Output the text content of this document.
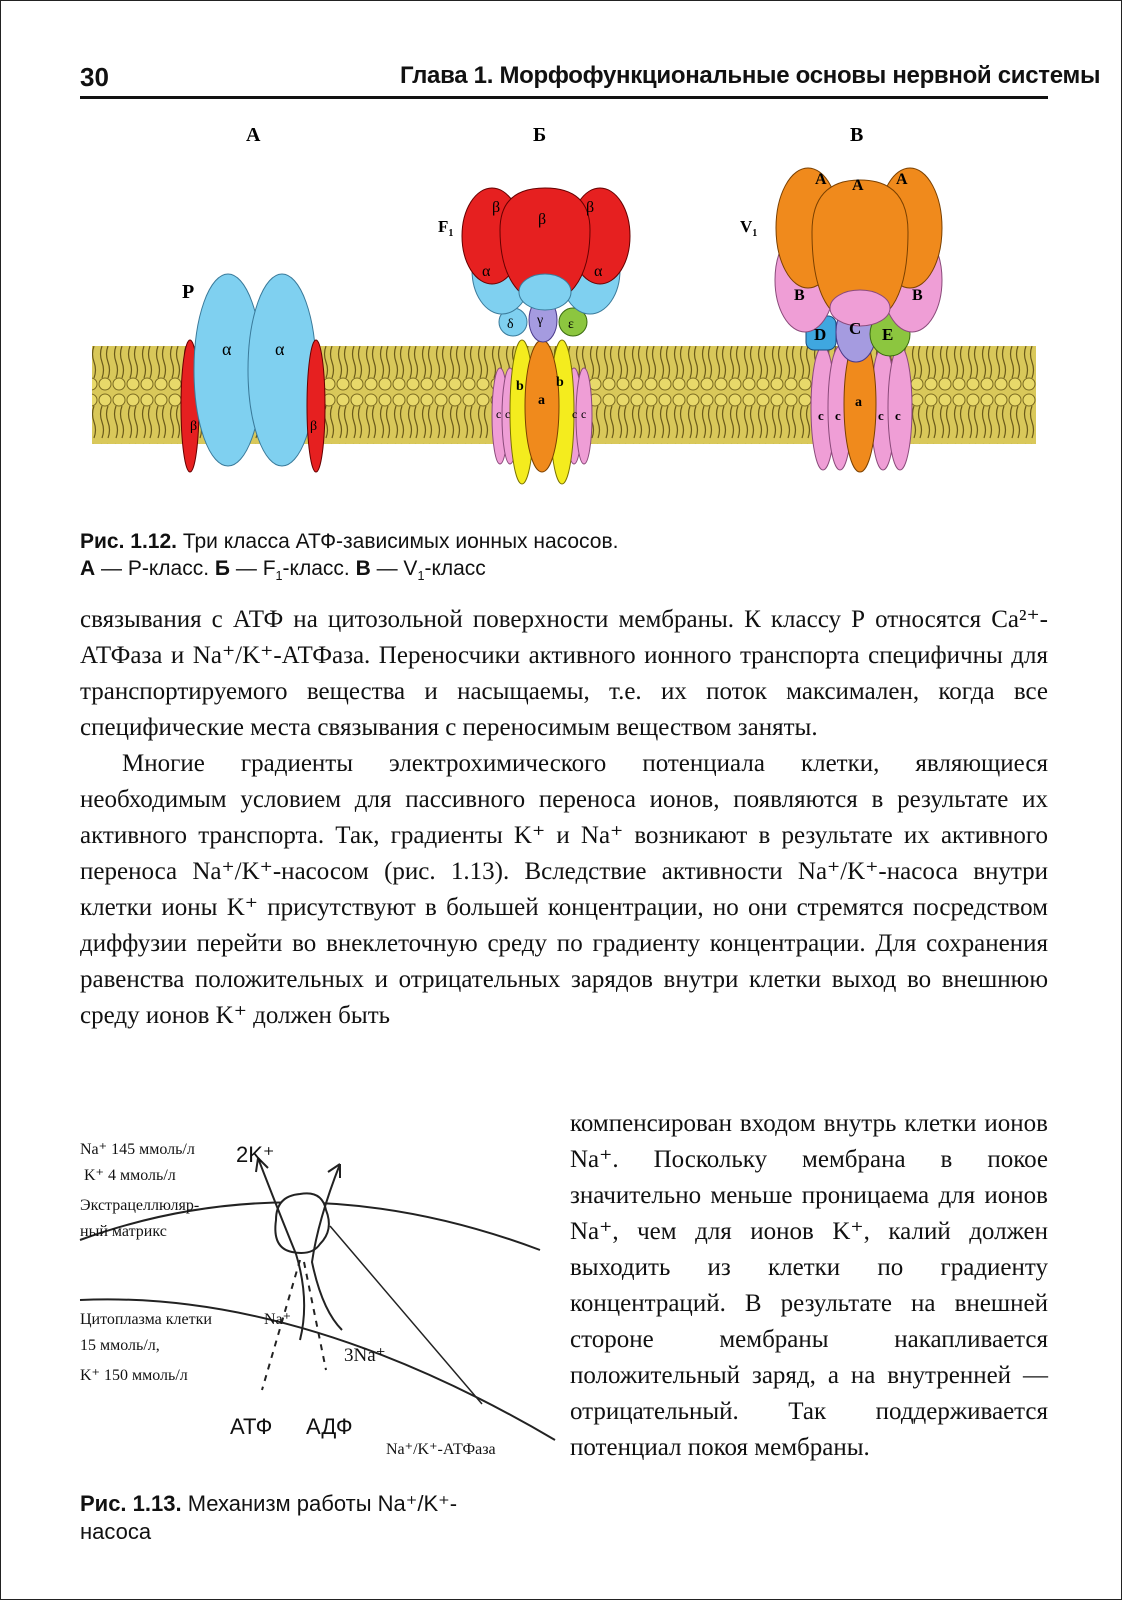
30	Глава 1. Морфофункциональные основы нервной системы
А	Б	В
P
α α
β	β
$F_1$
β
β
β
α	α
δ γ ε
b b
a
c c	c c
$V_1$
A A A
B	B
D C E
a
c c	c c
Рис. 1.12. Три класса АТФ-зависимых ионных насосов.
А — Р-класс. Б — $F_1$-класс. В — $V_1$-класс

связывания с АТФ на цитозольной поверхности мембраны. К классу Р относятся Ca²⁺-АТФаза и Na⁺/K⁺-АТФаза. Переносчики активного ионного транспорта специфичны для транспортируемого вещества и насыщаемы, т.е. их поток максимален, когда все специфические места связывания с переносимым веществом заняты.

Многие градиенты электрохимического потенциала клетки, являющиеся необходимым условием для пассивного переноса ионов, появляются в результате их активного транспорта. Так, градиенты K⁺ и Na⁺ возникают в результате их активного переноса Na⁺/K⁺-насосом (рис. 1.13). Вследствие активности Na⁺/K⁺-насоса внутри клетки ионы K⁺ присутствуют в большей концентрации, но они стремятся посредством диффузии перейти во внеклеточную среду по градиенту концентрации. Для сохранения равенства положительных и отрицательных зарядов внутри клетки выход во внешнюю среду ионов K⁺ должен быть

компенсирован входом внутрь клетки ионов Na⁺. Поскольку мембрана в покое значительно меньше проницаема для ионов Na⁺, чем для ионов K⁺, калий должен выходить из клетки по градиенту концентраций. В результате на внешней стороне мембраны накапливается положительный заряд, а на внутренней — отрицательный. Так поддерживается потенциал покоя мембраны.

Na⁺ 145 ммоль/л
K⁺ 4 ммоль/л
Экстрацеллюляр-
ный матрикс
2K⁺
Цитоплазма клетки	Na⁺
15 ммоль/л,
K⁺ 150 ммоль/л
3Na⁺
АТФ АДФ
Na⁺/K⁺-АТФаза
Рис. 1.13. Механизм работы Na⁺/K⁺-
насоса
